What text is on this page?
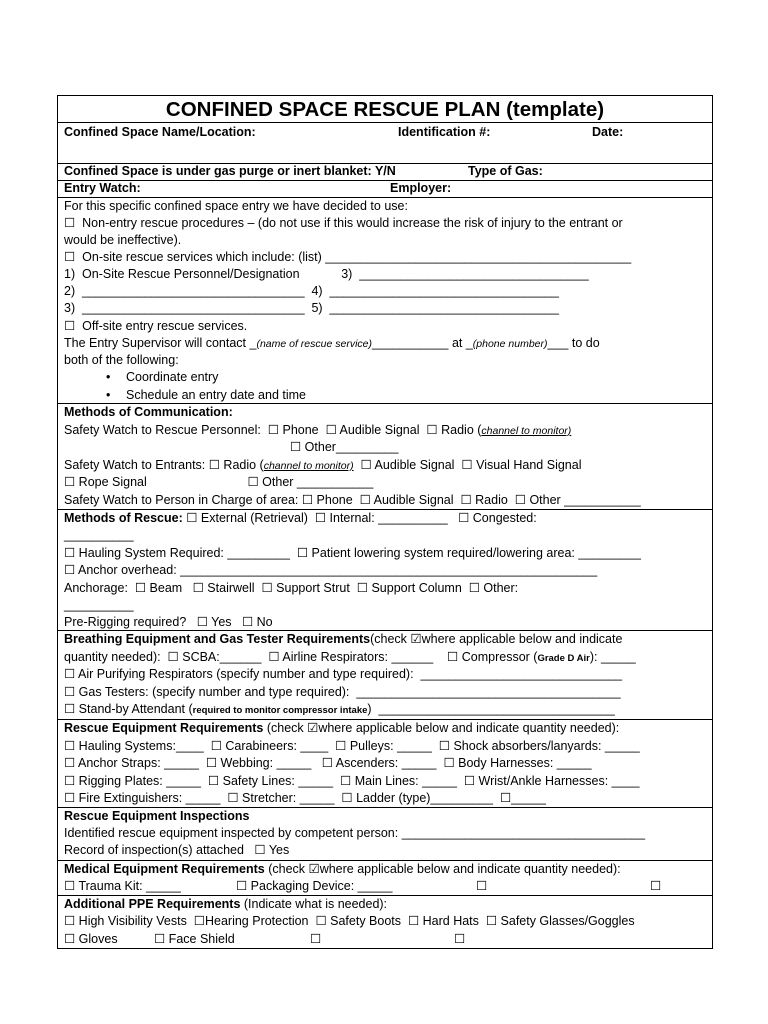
CONFINED SPACE RESCUE PLAN (template)
Confined Space Name/Location:	Identification #:	Date:
Confined Space is under gas purge or inert blanket: Y/N	Type of Gas:
Entry Watch:	Employer:
For this specific confined space entry we have decided to use:
☐  Non-entry rescue procedures – (do not use if this would increase the risk of injury to the entrant or
would be ineffective).
☐  On-site rescue services which include: (list) ____________________________________________
1)  On-Site Rescue Personnel/Designation            3)  _________________________________
2)  ________________________________  4)  _________________________________
3)  ________________________________  5)  _________________________________
☐  Off-site entry rescue services.
The Entry Supervisor will contact _(name of rescue service)___________ at _(phone number)___ to do
both of the following:
• Coordinate entry
• Schedule an entry date and time
Methods of Communication:
Safety Watch to Rescue Personnel:  ☐ Phone  ☐ Audible Signal  ☐ Radio (channel to monitor)
☐ Other_________
Safety Watch to Entrants: ☐ Radio (channel to monitor)  ☐ Audible Signal  ☐ Visual Hand Signal
☐ Rope Signal                             ☐ Other ___________
Safety Watch to Person in Charge of area: ☐ Phone  ☐ Audible Signal  ☐ Radio  ☐ Other ___________
Methods of Rescue: ☐ External (Retrieval)  ☐ Internal: __________   ☐ Congested:
__________
☐ Hauling System Required: _________  ☐ Patient lowering system required/lowering area: _________
☐ Anchor overhead: ____________________________________________________________
Anchorage:  ☐ Beam   ☐ Stairwell  ☐ Support Strut  ☐ Support Column  ☐ Other:
__________
Pre-Rigging required?   ☐ Yes   ☐ No
Breathing Equipment and Gas Tester Requirements(check ☑where applicable below and indicate
quantity needed):  ☐ SCBA:______  ☐ Airline Respirators: ______    ☐ Compressor (Grade D Air): _____
☐ Air Purifying Respirators (specify number and type required):  _____________________________
☐ Gas Testers: (specify number and type required):  ______________________________________
☐ Stand-by Attendant (required to monitor compressor intake)  __________________________________
Rescue Equipment Requirements (check ☑where applicable below and indicate quantity needed):
☐ Hauling Systems:____  ☐ Carabineers: ____  ☐ Pulleys: _____  ☐ Shock absorbers/lanyards: _____
☐ Anchor Straps: _____  ☐ Webbing: _____   ☐ Ascenders: _____  ☐ Body Harnesses: _____
☐ Rigging Plates: _____  ☐ Safety Lines: _____  ☐ Main Lines: _____  ☐ Wrist/Ankle Harnesses: ____
☐ Fire Extinguishers: _____  ☐ Stretcher: _____  ☐ Ladder (type)_________  ☐_____
Rescue Equipment Inspections
Identified rescue equipment inspected by competent person: ___________________________________
Record of inspection(s) attached   ☐ Yes
Medical Equipment Requirements (check ☑where applicable below and indicate quantity needed):
☐ Trauma Kit: _____	☐ Packaging Device: _____	☐	☐
Additional PPE Requirements (Indicate what is needed):
☐ High Visibility Vests  ☐Hearing Protection  ☐ Safety Boots  ☐ Hard Hats  ☐ Safety Glasses/Goggles
☐ Gloves	☐ Face Shield	☐	☐
